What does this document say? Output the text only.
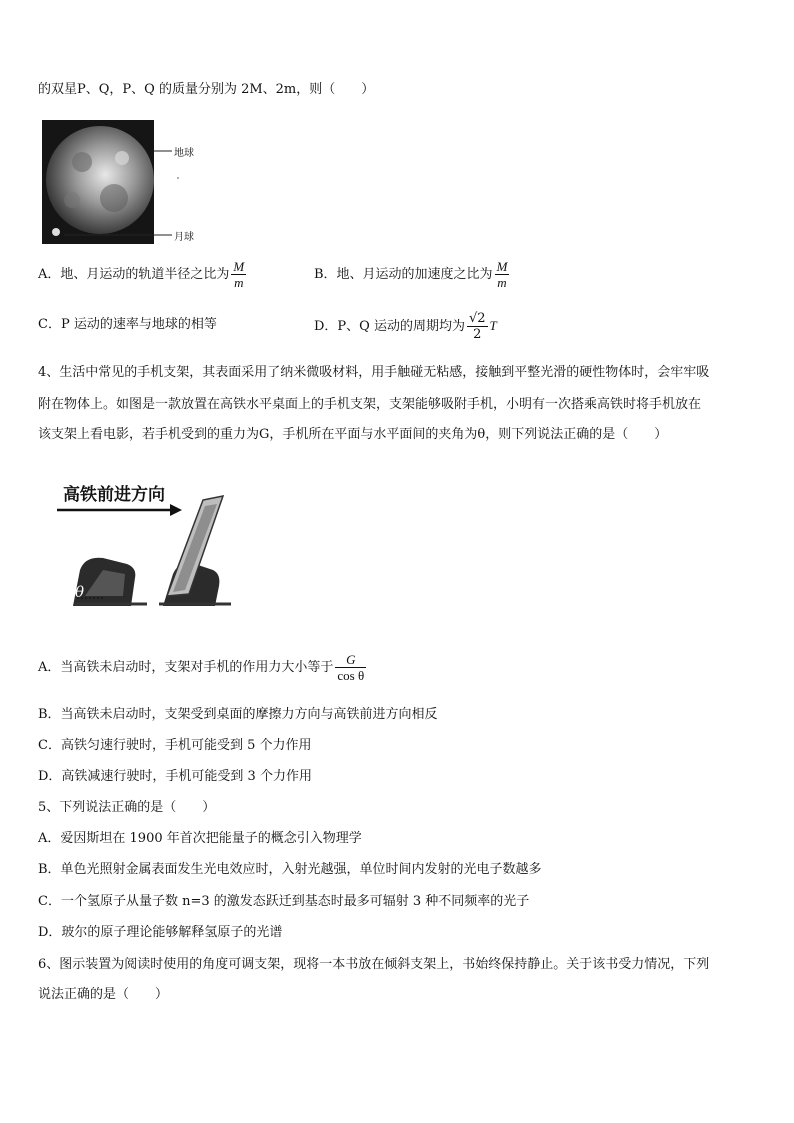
的双星P、Q，P、Q 的质量分别为 2M、2m，则（　　）
地球
月球
A．地、月运动的轨道半径之比为 $\frac{M}{m}$	B．地、月运动的加速度之比为 $\frac{M}{m}$
C．P 运动的速率与地球的相等	D．P、Q 运动的周期均为 $\frac{√2}{2}$ T
4、生活中常见的手机支架，其表面采用了纳米微吸材料，用手触碰无粘感，接触到平整光滑的硬性物体时，会牢牢吸
附在物体上。如图是一款放置在高铁水平桌面上的手机支架，支架能够吸附手机，小明有一次搭乘高铁时将手机放在
该支架上看电影，若手机受到的重力为G，手机所在平面与水平面间的夹角为θ，则下列说法正确的是（　　）
高铁前进方向
θ
A．当高铁未启动时，支架对手机的作用力大小等于 $\frac{G}{\text{cos θ}}$
B．当高铁未启动时，支架受到桌面的摩擦力方向与高铁前进方向相反
C．高铁匀速行驶时，手机可能受到 5 个力作用
D．高铁减速行驶时，手机可能受到 3 个力作用
5、下列说法正确的是（　　）
A．爱因斯坦在 1900 年首次把能量子的概念引入物理学
B．单色光照射金属表面发生光电效应时，入射光越强，单位时间内发射的光电子数越多
C．一个氢原子从量子数 n=3 的激发态跃迁到基态时最多可辐射 3 种不同频率的光子
D．玻尔的原子理论能够解释氢原子的光谱
6、图示装置为阅读时使用的角度可调支架，现将一本书放在倾斜支架上，书始终保持静止。关于该书受力情况，下列
说法正确的是（　　）
